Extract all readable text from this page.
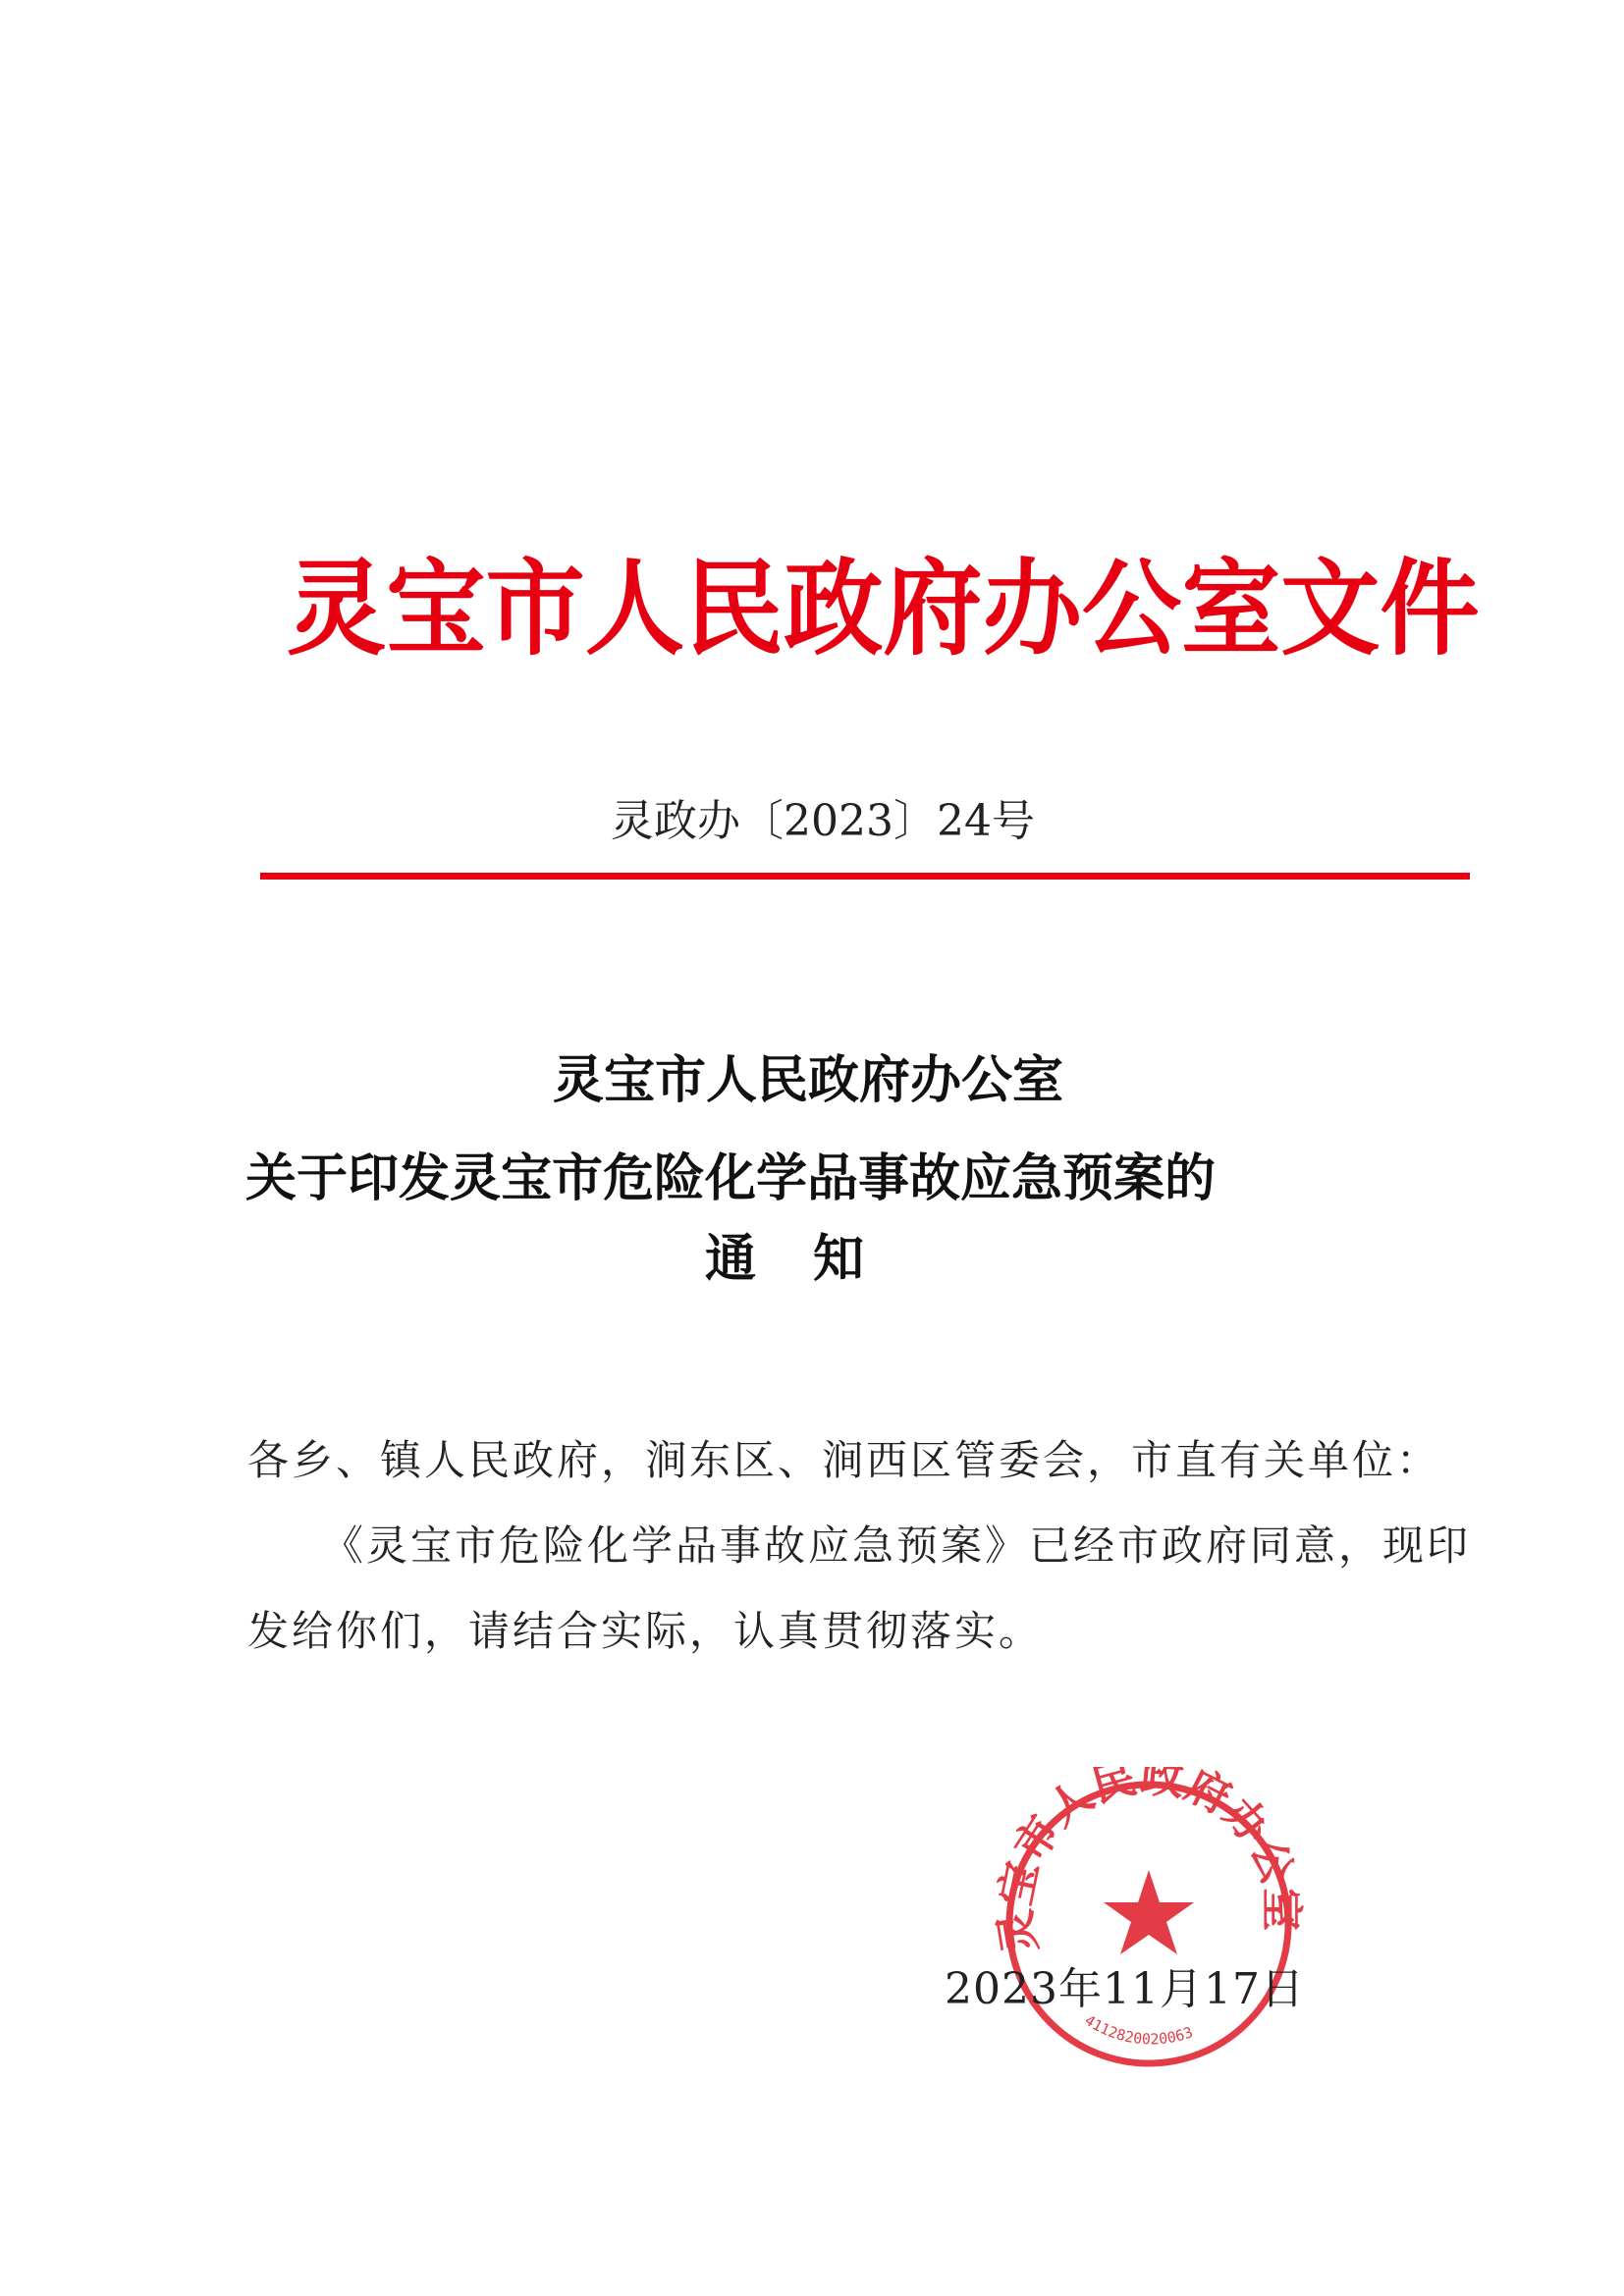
灵宝市人民政府办公室文件
灵政办〔2023〕24号
灵宝市人民政府办公室
关于印发灵宝市危险化学品事故应急预案的
通 知
各乡、镇人民政府，涧东区、涧西区管委会，市直有关单位：
《灵宝市危险化学品事故应急预案》已经市政府同意，现印
发给你们，请结合实际，认真贯彻落实。
灵宝市人民政府办公室
4112820020063
2023年11月17日
